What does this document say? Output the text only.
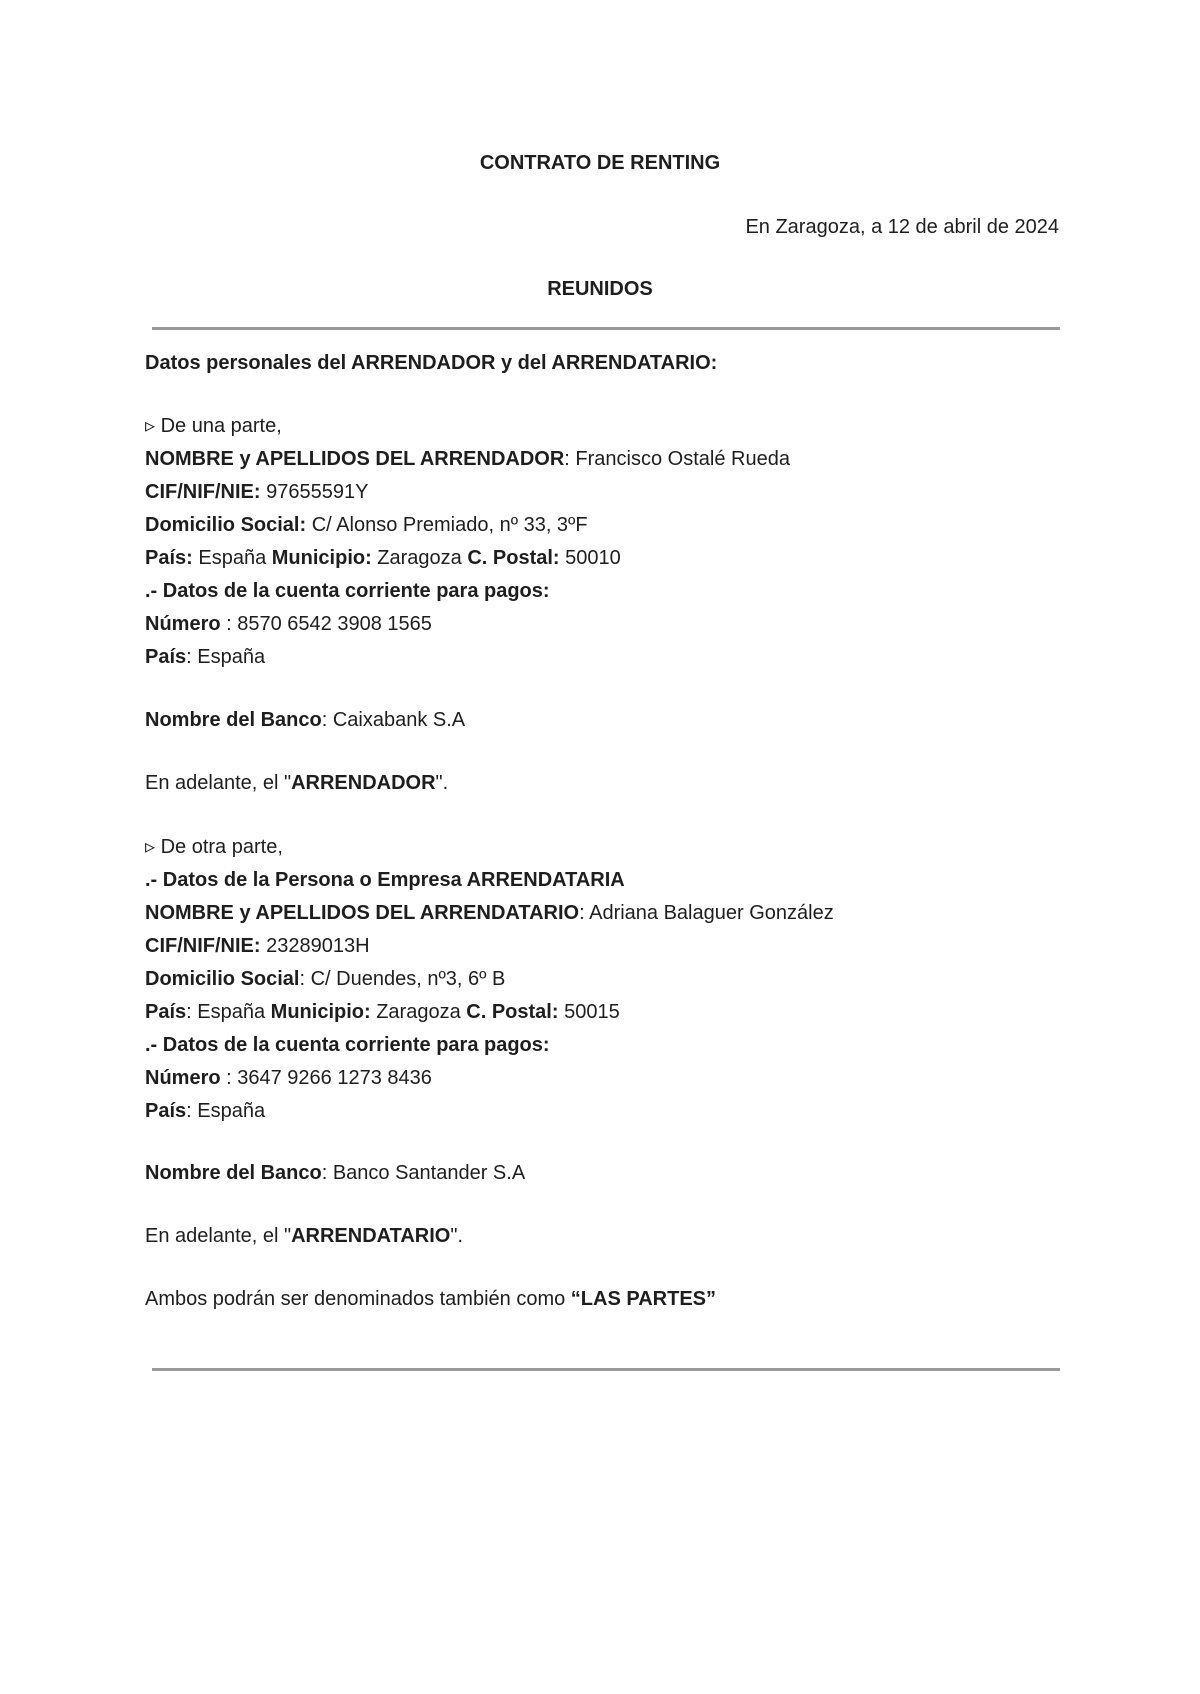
CONTRATO DE RENTING
En Zaragoza, a 12 de abril de 2024
REUNIDOS
Datos personales del ARRENDADOR y del ARRENDATARIO:
▹ De una parte,
NOMBRE y APELLIDOS DEL ARRENDADOR: Francisco Ostalé Rueda
CIF/NIF/NIE: 97655591Y
Domicilio Social: C/ Alonso Premiado, nº 33, 3ºF
País: España Municipio: Zaragoza C. Postal: 50010
.- Datos de la cuenta corriente para pagos:
Número : 8570 6542 3908 1565
País: España
Nombre del Banco: Caixabank S.A
En adelante, el "ARRENDADOR".
▹ De otra parte,
.- Datos de la Persona o Empresa ARRENDATARIA
NOMBRE y APELLIDOS DEL ARRENDATARIO: Adriana Balaguer González
CIF/NIF/NIE: 23289013H
Domicilio Social: C/ Duendes, nº3, 6º B
País: España Municipio: Zaragoza C. Postal: 50015
.- Datos de la cuenta corriente para pagos:
Número : 3647 9266 1273 8436
País: España
Nombre del Banco: Banco Santander S.A
En adelante, el "ARRENDATARIO".
Ambos podrán ser denominados también como “LAS PARTES”
